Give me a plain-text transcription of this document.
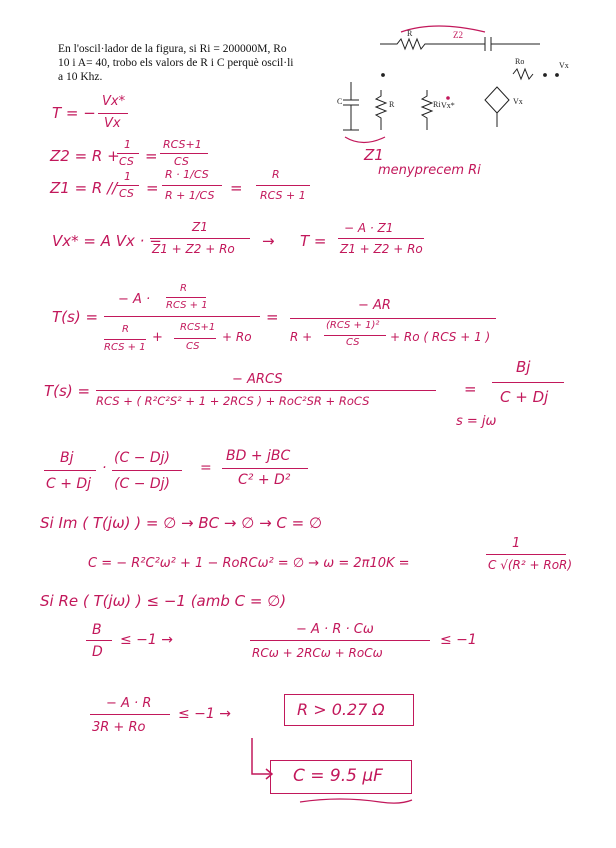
En l'oscil·lador de la figura, si Ri = 200000M, Ro
10 i A= 40, trobo els valors de R i C perquè oscil·li
a 10 Khz.
R	Z2
Ro	Vx
C	R	Ri Vx*	Vx
Z1
menyprecem Ri
T = −
Vx*
Vx
Z2 = R +
1
CS =
RCS+1
CS
Z1 = R //
1
CS =
R · 1/CS
R + 1/CS =
R
RCS + 1
Vx* = A Vx · −
Z1
Z1 + Z2 + Ro → T =
− A · Z1
Z1 + Z2 + Ro
T(s) =
− A ·
R
RCS + 1
R
RCS + 1
+
RCS+1
CS
+ Ro
=
− AR
R +
(RCS + 1)²
CS	+ Ro ( RCS + 1 )
T(s) =
− ARCS
RCS + ( R²C²S² + 1 + 2RCS ) + RoC²SR + RoCS
=
Bj
C + Dj
s = jω
Bj
C + Dj
·
(C − Dj)
(C − Dj)
=
BD + jBC
C² + D²
Si Im ( T(jω) ) = ∅ → BC → ∅ → C = ∅
C = − R²C²ω² + 1 − RoRCω² = ∅ → ω = 2π10K =
1
C √(R² + RoR)
Si Re ( T(jω) ) ≤ −1 (amb C = ∅)
B
D
≤ −1 →
− A · R · Cω
RCω + 2RCω + RoCω
≤ −1
− A · R
3R + Ro
≤ −1 →	R > 0.27 Ω
C = 9.5 µF
